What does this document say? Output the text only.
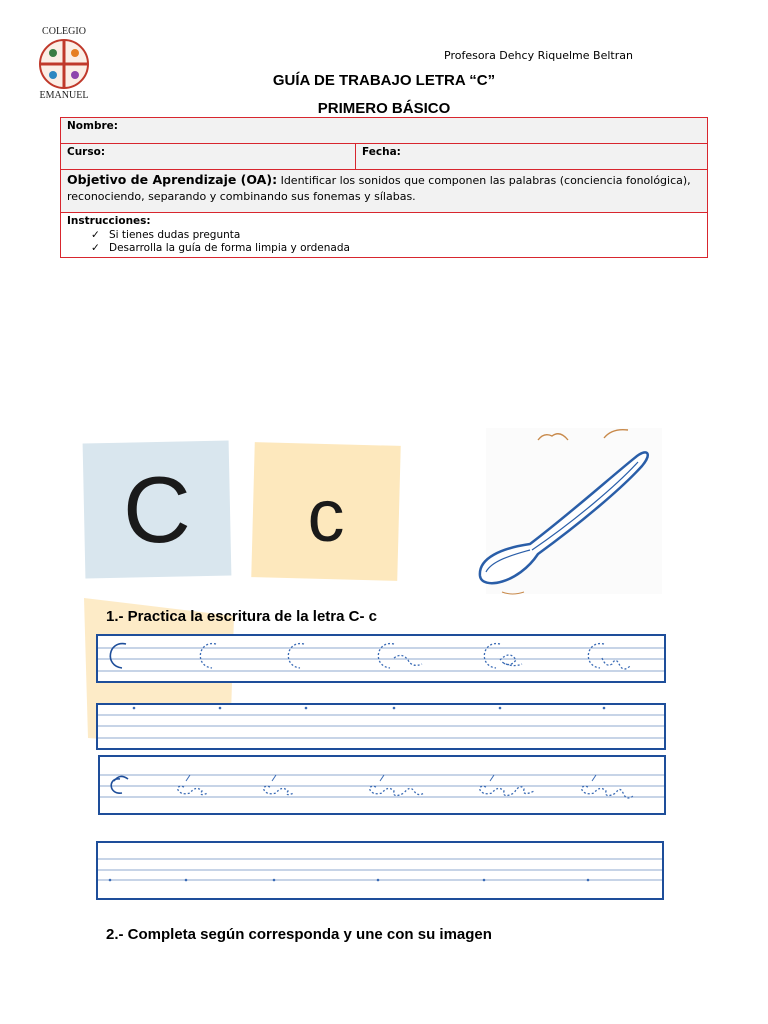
COLEGIO
EMANUEL
Profesora Dehcy Riquelme Beltran
GUÍA DE TRABAJO LETRA “C”
PRIMERO BÁSICO
Nombre:
Curso:	Fecha:
Objetivo de Aprendizaje (OA): Identificar los sonidos que componen las palabras (conciencia fonológica), reconociendo, separando y combinando sus fonemas y sílabas.
Instrucciones:
✓ Si tienes dudas pregunta
✓ Desarrolla la guía de forma limpia y ordenada
C	c
1.- Practica la escritura de la letra C- c
2.- Completa según corresponda y une con su imagen
